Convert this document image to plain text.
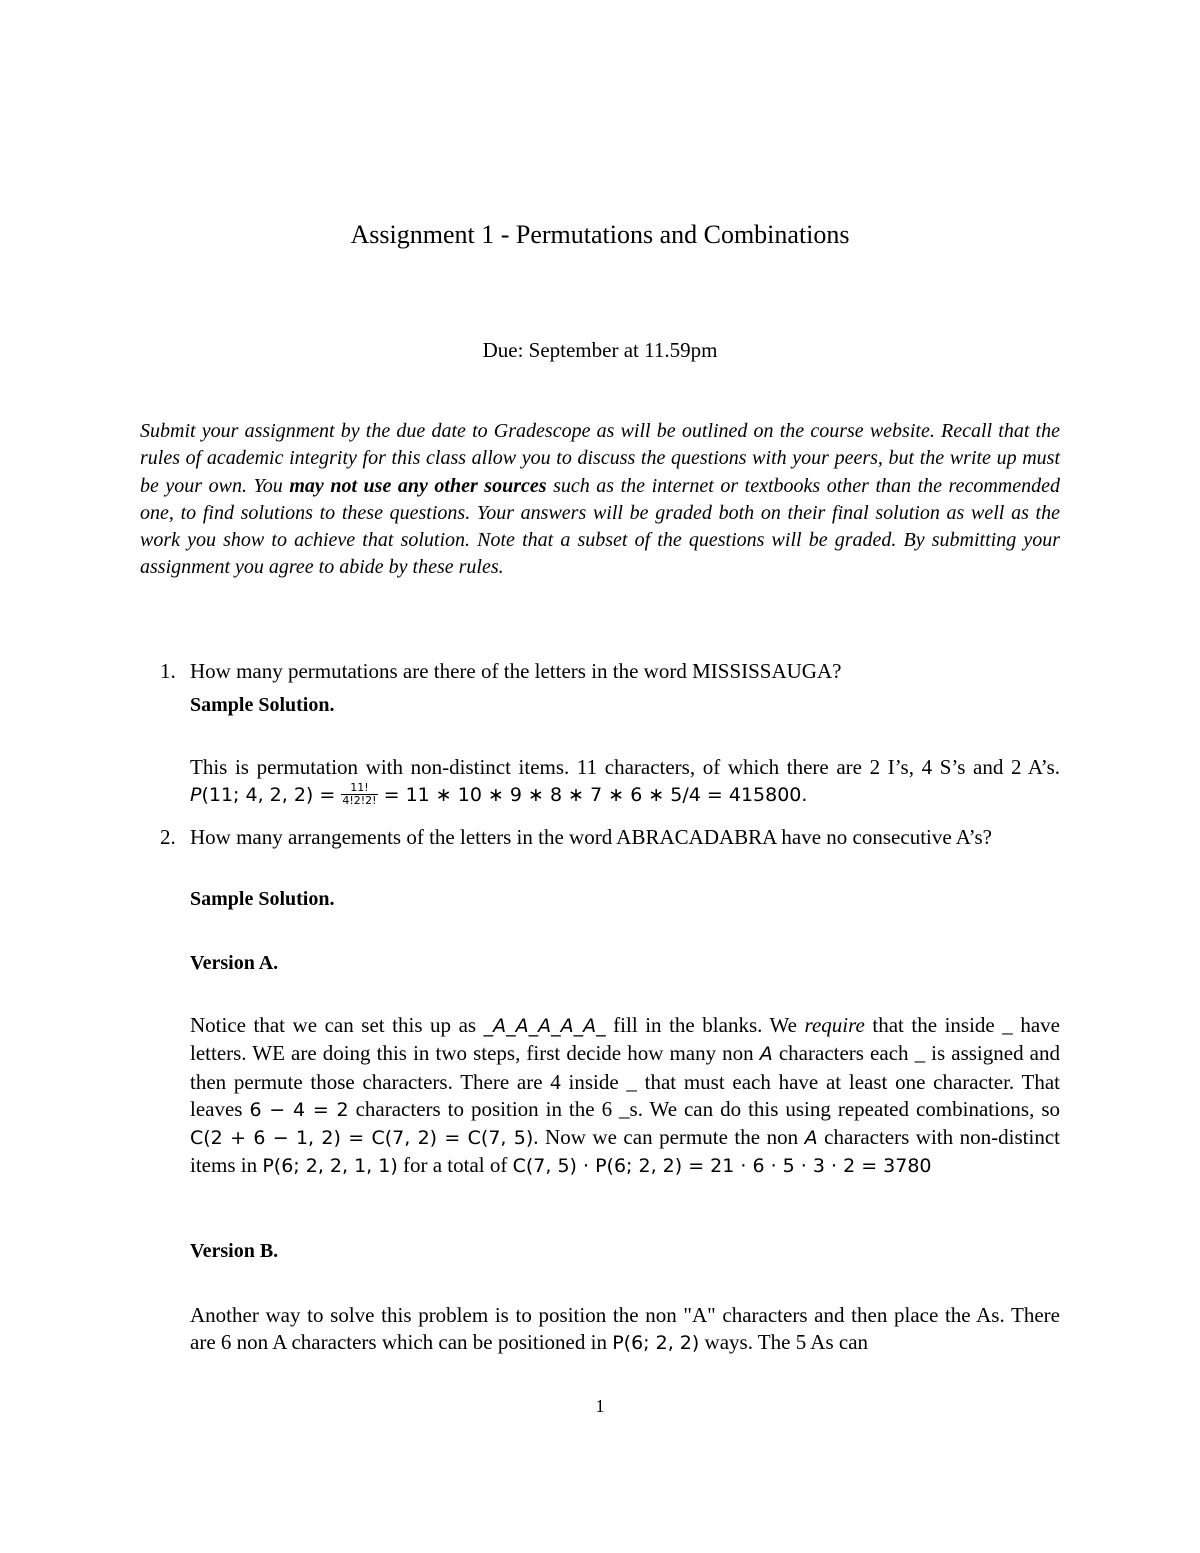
Assignment 1 - Permutations and Combinations
Due: September at 11.59pm

Submit your assignment by the due date to Gradescope as will be outlined on the course website. Recall that the rules of academic integrity for this class allow you to discuss the questions with your peers, but the write up must be your own. You may not use any other sources such as the internet or textbooks other than the recommended one, to find solutions to these questions. Your answers will be graded both on their final solution as well as the work you show to achieve that solution. Note that a subset of the questions will be graded. By submitting your assignment you agree to abide by these rules.

1. How many permutations are there of the letters in the word MISSISSAUGA?
Sample Solution.

This is permutation with non-distinct items. 11 characters, of which there are 2 I’s, 4 S’s and 2 A’s. P(11; 4, 2, $2) = \frac{11!}{4!2!2!} = 11$ ∗ 10 ∗ 9 ∗ 8 ∗ 7 ∗ 6 ∗ 5/4 = 415800.

2. How many arrangements of the letters in the word ABRACADABRA have no consecutive A’s?
Sample Solution.
Version A.

Notice that we can set this up as _A_A_A_A_A_ fill in the blanks. We require that the inside _ have letters. WE are doing this in two steps, first decide how many non A characters each _ is assigned and then permute those characters. There are 4 inside _ that must each have at least one character. That leaves 6 − 4 = 2 characters to position in the 6 _s. We can do this using repeated combinations, so C(2 + 6 − 1, 2) = C(7, 2) = C(7, 5). Now we can permute the non A characters with non-distinct items in P(6; 2, 2, 1, 1) for a total of C(7, 5) · P(6; 2, 2) = 21 · 6 · 5 · 3 · 2 = 3780

Version B.

Another way to solve this problem is to position the non "A" characters and then place the As. There are 6 non A characters which can be positioned in P(6; 2, 2) ways. The 5 As can

1
